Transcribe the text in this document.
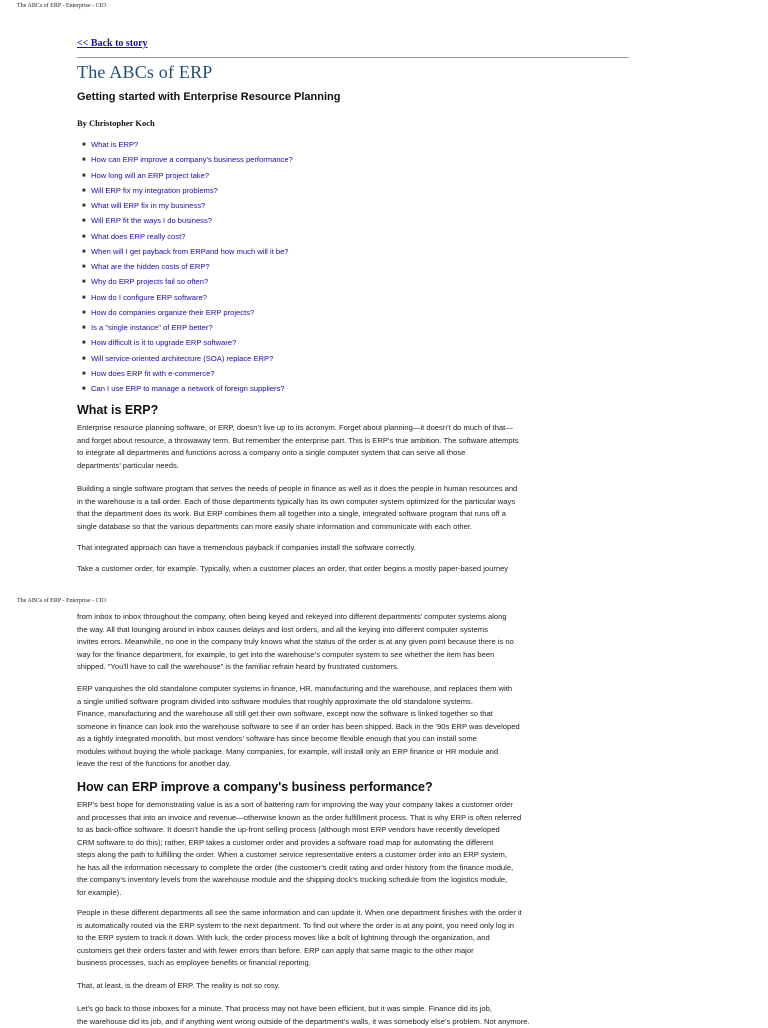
The ABCs of ERP - Enterprise - CIO
<< Back to story
The ABCs of ERP
Getting started with Enterprise Resource Planning
By Christopher Koch
■ What is ERP?
■ How can ERP improve a company's business performance?
■ How long will an ERP project take?
■ Will ERP fix my integration problems?
■ What will ERP fix in my business?
■ Will ERP fit the ways I do business?
■ What does ERP really cost?
■ When will I get payback from ERPand how much will it be?
■ What are the hidden costs of ERP?
■ Why do ERP projects fail so often?
■ How do I configure ERP software?
■ How do companies organize their ERP projects?
■ Is a "single instance" of ERP better?
■ How difficult is it to upgrade ERP software?
■ Will service-oriented architecture (SOA) replace ERP?
■ How does ERP fit with e-commerce?
■ Can I use ERP to manage a network of foreign suppliers?
What is ERP?
Enterprise resource planning software, or ERP, doesn’t live up to its acronym. Forget about planning—it doesn’t do much of that—
and forget about resource, a throwaway term. But remember the enterprise part. This is ERP’s true ambition. The software attempts
to integrate all departments and functions across a company onto a single computer system that can serve all those
departments’ particular needs.
Building a single software program that serves the needs of people in finance as well as it does the people in human resources and
in the warehouse is a tall order. Each of those departments typically has its own computer system optimized for the particular ways
that the department does its work. But ERP combines them all together into a single, integrated software program that runs off a
single database so that the various departments can more easily share information and communicate with each other.
That integrated approach can have a tremendous payback if companies install the software correctly.
Take a customer order, for example. Typically, when a customer places an order, that order begins a mostly paper-based journey
The ABCs of ERP - Enterprise - CIO
from inbox to inbox throughout the company, often being keyed and rekeyed into different departments’ computer systems along
the way. All that lounging around in inbox causes delays and lost orders, and all the keying into different computer systems
invites errors. Meanwhile, no one in the company truly knows what the status of the order is at any given point because there is no
way for the finance department, for example, to get into the warehouse’s computer system to see whether the item has been
shipped. "You'll have to call the warehouse" is the familiar refrain heard by frustrated customers.
ERP vanquishes the old standalone computer systems in finance, HR, manufacturing and the warehouse, and replaces them with
a single unified software program divided into software modules that roughly approximate the old standalone systems.
Finance, manufacturing and the warehouse all still get their own software, except now the software is linked together so that
someone in finance can look into the warehouse software to see if an order has been shipped. Back in the ’90s ERP was developed
as a tightly integrated monolith, but most vendors’ software has since become flexible enough that you can install some
modules without buying the whole package. Many companies, for example, will install only an ERP finance or HR module and
leave the rest of the functions for another day.
How can ERP improve a company's business performance?
ERP’s best hope for demonstrating value is as a sort of battering ram for improving the way your company takes a customer order
and processes that into an invoice and revenue—otherwise known as the order fulfillment process. That is why ERP is often referred
to as back-office software. It doesn’t handle the up-front selling process (although most ERP vendors have recently developed
CRM software to do this); rather, ERP takes a customer order and provides a software road map for automating the different
steps along the path to fulfilling the order. When a customer service representative enters a customer order into an ERP system,
he has all the information necessary to complete the order (the customer’s credit rating and order history from the finance module,
the company’s inventory levels from the warehouse module and the shipping dock’s trucking schedule from the logistics module,
for example).
People in these different departments all see the same information and can update it. When one department finishes with the order it
is automatically routed via the ERP system to the next department. To find out where the order is at any point, you need only log in
to the ERP system to track it down. With luck, the order process moves like a bolt of lightning through the organization, and
customers get their orders faster and with fewer errors than before. ERP can apply that same magic to the other major
business processes, such as employee benefits or financial reporting.
That, at least, is the dream of ERP. The reality is not so rosy.
Let’s go back to those inboxes for a minute. That process may not have been efficient, but it was simple. Finance did its job,
the warehouse did its job, and if anything went wrong outside of the department’s walls, it was somebody else’s problem. Not anymore.
